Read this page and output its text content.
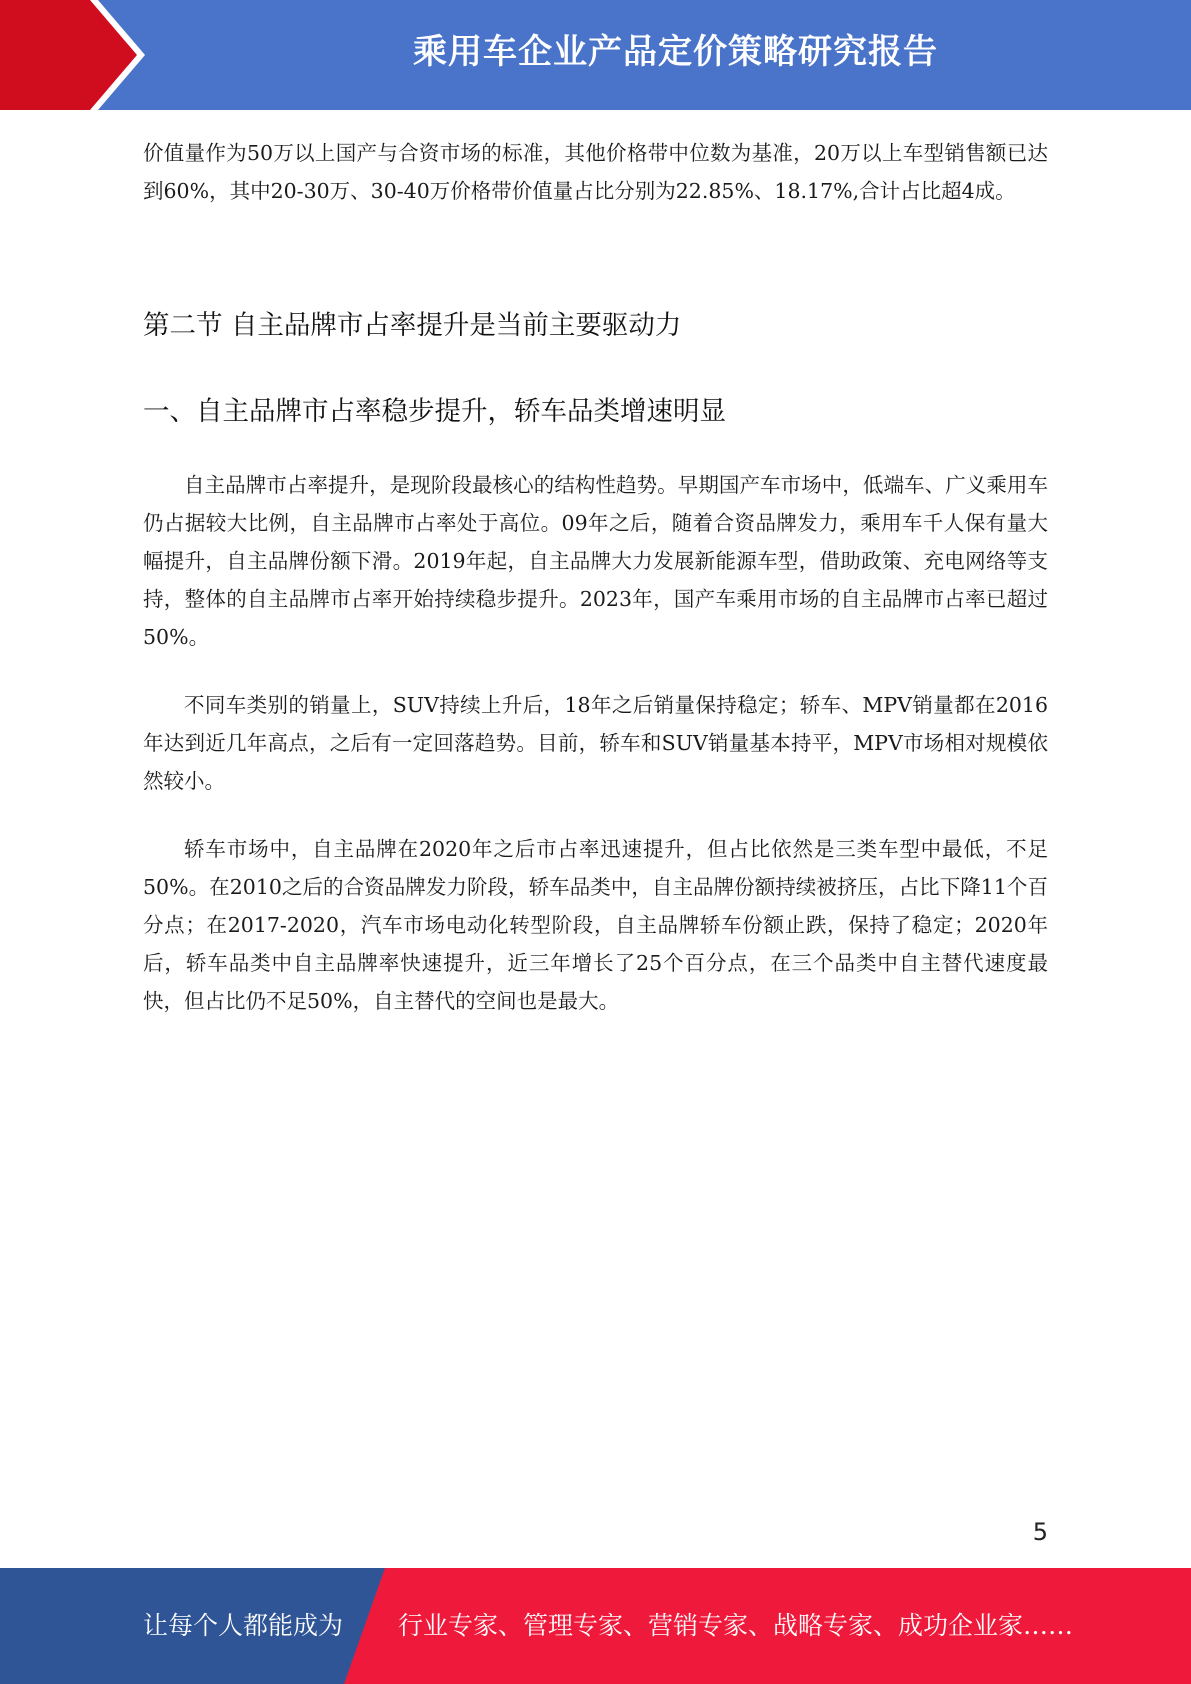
乘用车企业产品定价策略研究报告

价值量作为50万以上国产与合资市场的标准，其他价格带中位数为基准，20万以上车型销售额已达到60%，其中20-30万、30-40万价格带价值量占比分别为22.85%、18.17%,合计占比超4成。

第二节 自主品牌市占率提升是当前主要驱动力
一、自主品牌市占率稳步提升，轿车品类增速明显

自主品牌市占率提升，是现阶段最核心的结构性趋势。早期国产车市场中，低端车、广义乘用车仍占据较大比例，自主品牌市占率处于高位。09年之后，随着合资品牌发力，乘用车千人保有量大幅提升，自主品牌份额下滑。2019年起，自主品牌大力发展新能源车型，借助政策、充电网络等支持，整体的自主品牌市占率开始持续稳步提升。2023年，国产车乘用市场的自主品牌市占率已超过50%。

不同车类别的销量上，SUV持续上升后，18年之后销量保持稳定；轿车、MPV销量都在2016年达到近几年高点，之后有一定回落趋势。目前，轿车和SUV销量基本持平，MPV市场相对规模依然较小。

轿车市场中，自主品牌在2020年之后市占率迅速提升，但占比依然是三类车型中最低，不足50%。在2010之后的合资品牌发力阶段，轿车品类中，自主品牌份额持续被挤压，占比下降11个百分点；在2017-2020，汽车市场电动化转型阶段，自主品牌轿车份额止跌，保持了稳定；2020年后，轿车品类中自主品牌率快速提升，近三年增长了25个百分点，在三个品类中自主替代速度最快，但占比仍不足50%，自主替代的空间也是最大。

5
让每个人都能成为 行业专家、管理专家、营销专家、战略专家、成功企业家……
